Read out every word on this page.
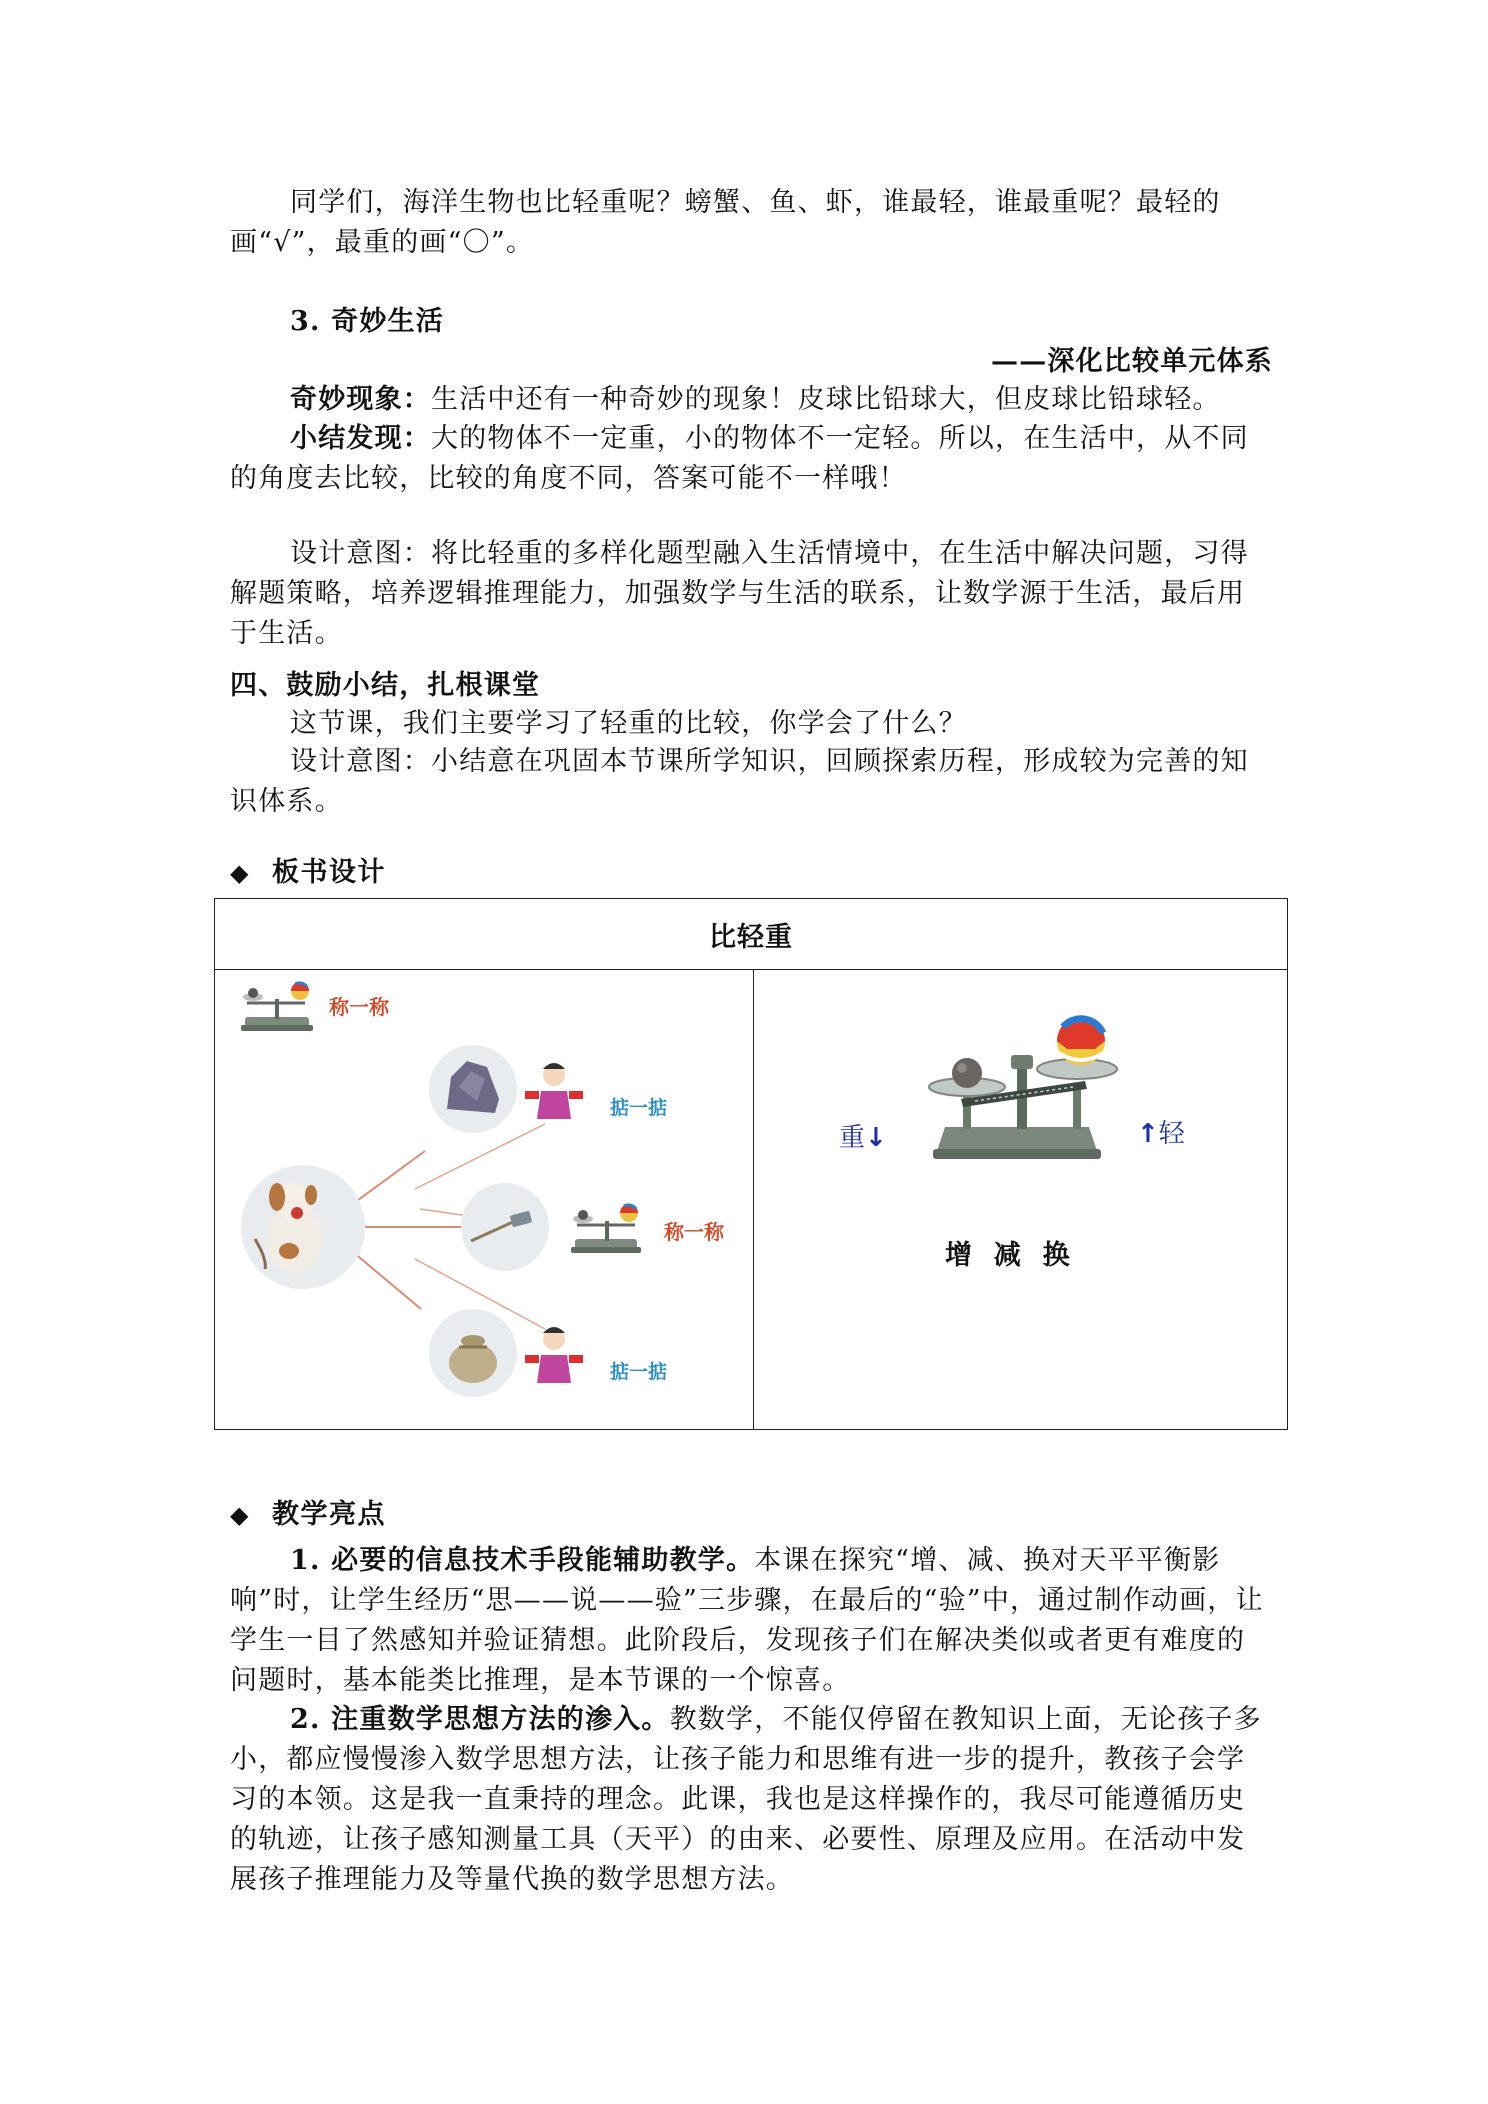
同学们，海洋生物也比轻重呢？螃蟹、鱼、虾，谁最轻，谁最重呢？最轻的
画“√”，最重的画“〇”。

3. 奇妙生活

——深化比较单元体系

奇妙现象：生活中还有一种奇妙的现象！皮球比铅球大，但皮球比铅球轻。

小结发现：大的物体不一定重，小的物体不一定轻。所以，在生活中，从不同的角度去比较，比较的角度不同，答案可能不一样哦！

设计意图：将比轻重的多样化题型融入生活情境中，在生活中解决问题，习得解题策略，培养逻辑推理能力，加强数学与生活的联系，让数学源于生活，最后用于生活。

四、鼓励小结，扎根课堂

这节课，我们主要学习了轻重的比较，你学会了什么？

设计意图：小结意在巩固本节课所学知识，回顾探索历程，形成较为完善的知识体系。

◆ 板书设计
比轻重
称一称
掂一掂
称一称
掂一掂
重↓	↑轻
增  减  换
◆ 教学亮点

1. 必要的信息技术手段能辅助教学。本课在探究“增、减、换对天平平衡影响”时，让学生经历“思——说——验”三步骤，在最后的“验”中，通过制作动画，让学生一目了然感知并验证猜想。此阶段后，发现孩子们在解决类似或者更有难度的问题时，基本能类比推理，是本节课的一个惊喜。

2. 注重数学思想方法的渗入。教数学，不能仅停留在教知识上面，无论孩子多小，都应慢慢渗入数学思想方法，让孩子能力和思维有进一步的提升，教孩子会学习的本领。这是我一直秉持的理念。此课，我也是这样操作的，我尽可能遵循历史的轨迹，让孩子感知测量工具（天平）的由来、必要性、原理及应用。在活动中发展孩子推理能力及等量代换的数学思想方法。
